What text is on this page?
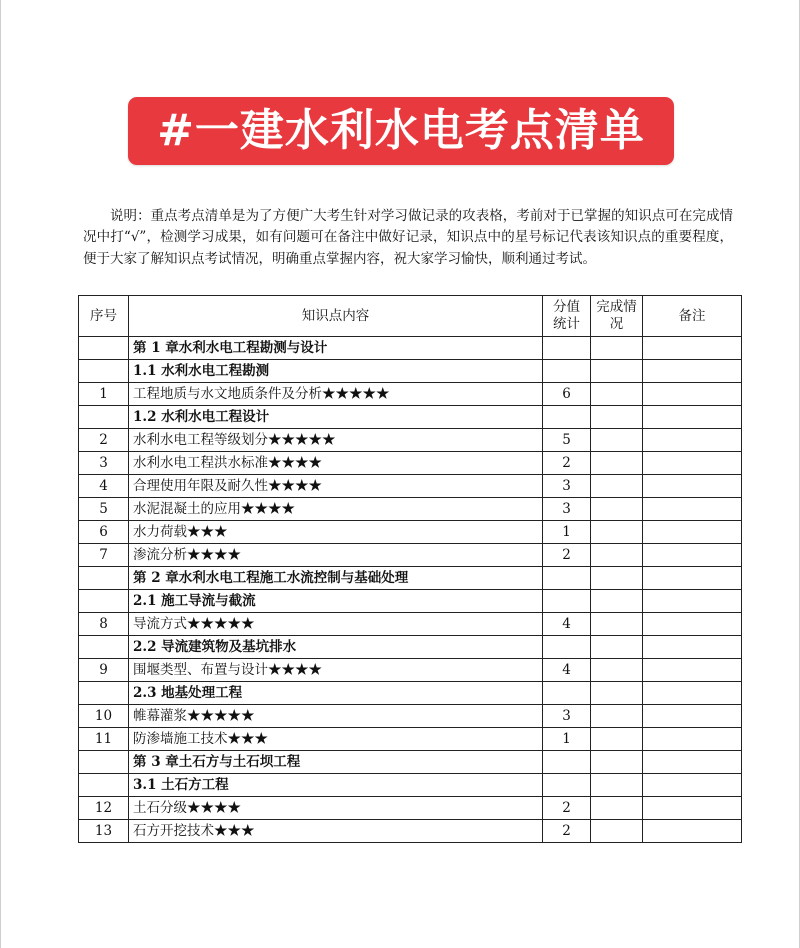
#一建水利水电考点清单

说明：重点考点清单是为了方便广大考生针对学习做记录的攻表格，考前对于已掌握的知识点可在完成情况中打“√”，检测学习成果，如有问题可在备注中做好记录，知识点中的星号标记代表该知识点的重要程度，便于大家了解知识点考试情况，明确重点掌握内容，祝大家学习愉快，顺利通过考试。

序号	知识点内容	分值统计	完成情况	备注
	第 1 章水利水电工程勘测与设计			
	1.1 水利水电工程勘测			
1	工程地质与水文地质条件及分析★★★★★	6		
	1.2 水利水电工程设计			
2	水利水电工程等级划分★★★★★	5		
3	水利水电工程洪水标准★★★★	2		
4	合理使用年限及耐久性★★★★	3		
5	水泥混凝土的应用★★★★	3		
6	水力荷载★★★	1		
7	渗流分析★★★★	2		
	第 2 章水利水电工程施工水流控制与基础处理			
	2.1 施工导流与截流			
8	导流方式★★★★★	4		
	2.2 导流建筑物及基坑排水			
9	围堰类型、布置与设计★★★★	4		
	2.3 地基处理工程			
10	帷幕灌浆★★★★★	3		
11	防渗墙施工技术★★★	1		
	第 3 章土石方与土石坝工程			
	3.1 土石方工程			
12	土石分级★★★★	2		
13	石方开挖技术★★★	2		
